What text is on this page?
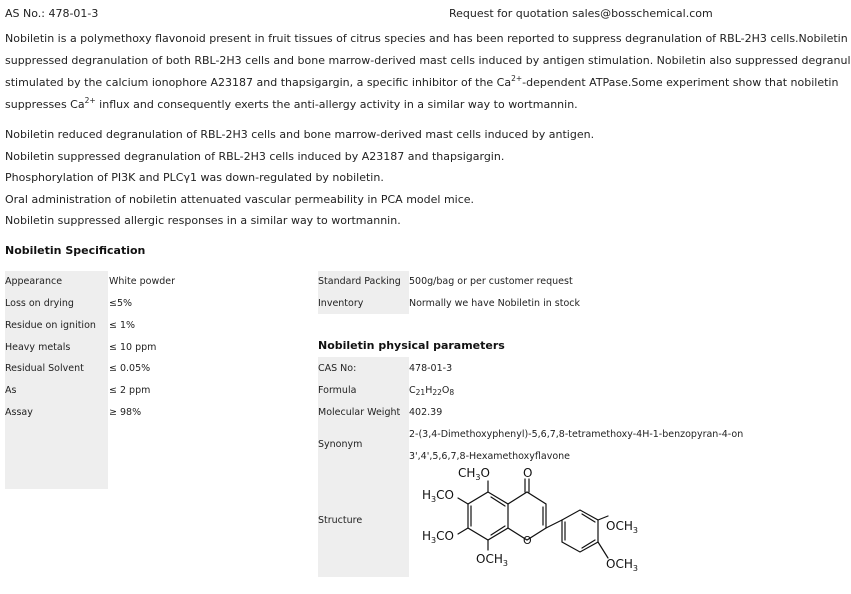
AS No.: 478-01-3	Request for quotation sales@bosschemical.com

Nobiletin is a polymethoxy flavonoid present in fruit tissues of citrus species and has been reported to suppress degranulation of RBL-2H3 cells.Nobiletin

suppressed degranulation of both RBL-2H3 cells and bone marrow-derived mast cells induced by antigen stimulation. Nobiletin also suppressed degranul

stimulated by the calcium ionophore A23187 and thapsigargin, a specific inhibitor of the $Ca^{2+}$-dependent ATPase.Some experiment show that nobiletin

suppresses $Ca^{2+}$ influx and consequently exerts the anti-allergy activity in a similar way to wortmannin.

Nobiletin reduced degranulation of RBL-2H3 cells and bone marrow-derived mast cells induced by antigen.
Nobiletin suppressed degranulation of RBL-2H3 cells induced by A23187 and thapsigargin.
Phosphorylation of PI3K and PLCγ1 was down-regulated by nobiletin.
Oral administration of nobiletin attenuated vascular permeability in PCA model mice.
Nobiletin suppressed allergic responses in a similar way to wortmannin.
Nobiletin Specification
Appearance	White powder
Loss on drying	≤5%
Residue on ignition ≤ 1%
Heavy metals	≤ 10 ppm
Residual Solvent	≤ 0.05%
As	≤ 2 ppm
Assay	≥ 98%
Standard Packing 500g/bag or per customer request
Inventory	Normally we have Nobiletin in stock
Nobiletin physical parameters
CAS No:	478-01-3
Formula	$C_{21}H_{22}O_8$
Molecular Weight 402.39
Synonym
2-(3,4-Dimethoxyphenyl)-5,6,7,8-tetramethoxy-4H-1-benzopyran-4-on
3',4',5,6,7,8-Hexamethoxyflavone
Structure
O
O
$CH_3O$
$H_3CO$
$H_3CO$
$OCH_3$
$OCH_3$
$OCH_3$
